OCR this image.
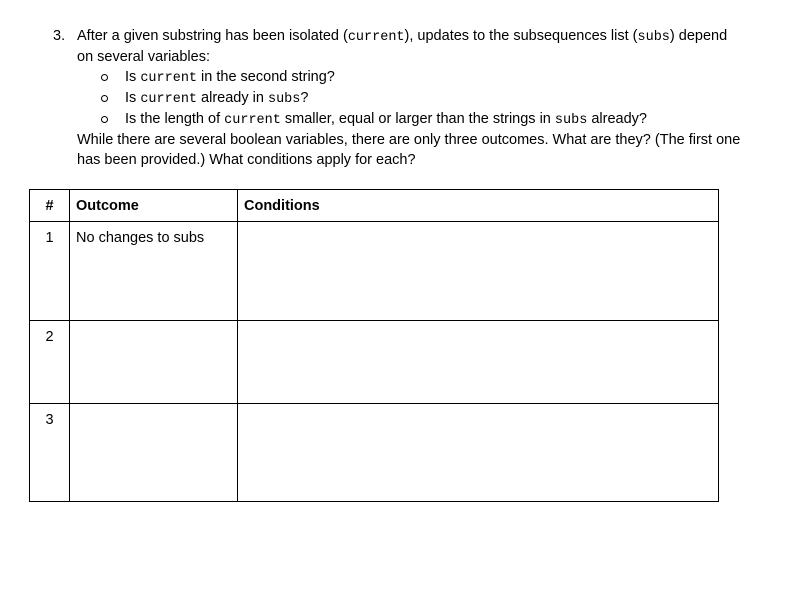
3. After a given substring has been isolated (current), updates to the subsequences list (subs) depend
on several variables:
Is current in the second string?
Is current already in subs?
Is the length of current smaller, equal or larger than the strings in subs already?
While there are several boolean variables, there are only three outcomes. What are they? (The first one
has been provided.) What conditions apply for each?
#	Outcome	Conditions

1	No changes to subs	

2		

3		
